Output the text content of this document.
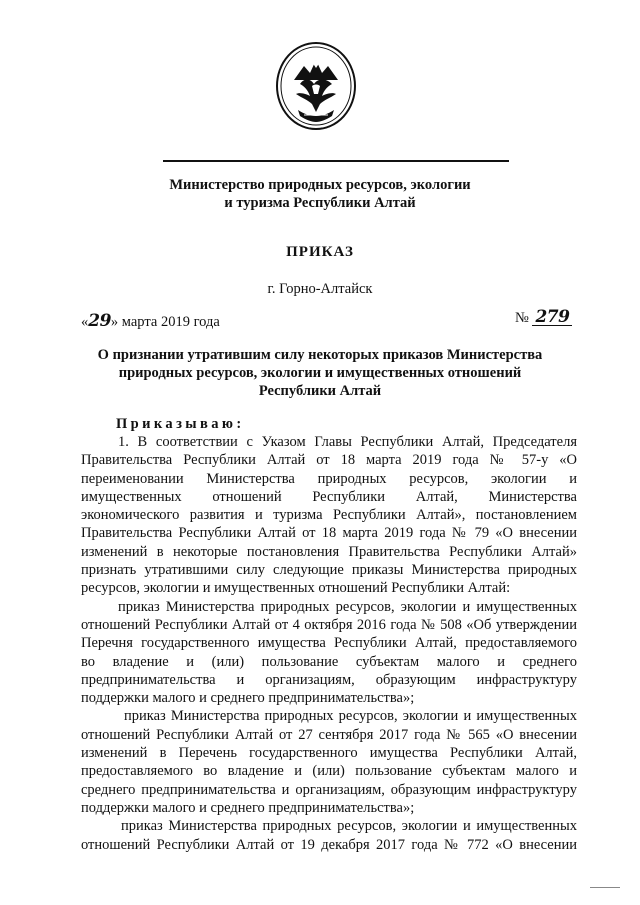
Министерство природных ресурсов, экологии
и туризма Республики Алтай
ПРИКАЗ
г. Горно-Алтайск
«29» марта 2019 года	№ 279
О признании утратившим силу некоторых приказов Министерства
природных ресурсов, экологии и имущественных отношений
Республики Алтай
Приказываю:
1. В соответствии с Указом Главы Республики Алтай, Председателя
Правительства Республики Алтай от 18 марта 2019 года № 57-у «О
переименовании Министерства природных ресурсов, экологии и
имущественных отношений Республики Алтай, Министерства
экономического развития и туризма Республики Алтай», постановлением
Правительства Республики Алтай от 18 марта 2019 года № 79 «О внесении
изменений в некоторые постановления Правительства Республики Алтай»
признать утратившими силу следующие приказы Министерства природных
ресурсов, экологии и имущественных отношений Республики Алтай:
приказ Министерства природных ресурсов, экологии и имущественных
отношений Республики Алтай от 4 октября 2016 года № 508 «Об утверждении
Перечня государственного имущества Республики Алтай, предоставляемого
во владение и (или) пользование субъектам малого и среднего
предпринимательства и организациям, образующим инфраструктуру
поддержки малого и среднего предпринимательства»;
приказ Министерства природных ресурсов, экологии и имущественных
отношений Республики Алтай от 27 сентября 2017 года № 565 «О внесении
изменений в Перечень государственного имущества Республики Алтай,
предоставляемого во владение и (или) пользование субъектам малого и
среднего предпринимательства и организациям, образующим инфраструктуру
поддержки малого и среднего предпринимательства»;
приказ Министерства природных ресурсов, экологии и имущественных
отношений Республики Алтай от 19 декабря 2017 года № 772 «О внесении
